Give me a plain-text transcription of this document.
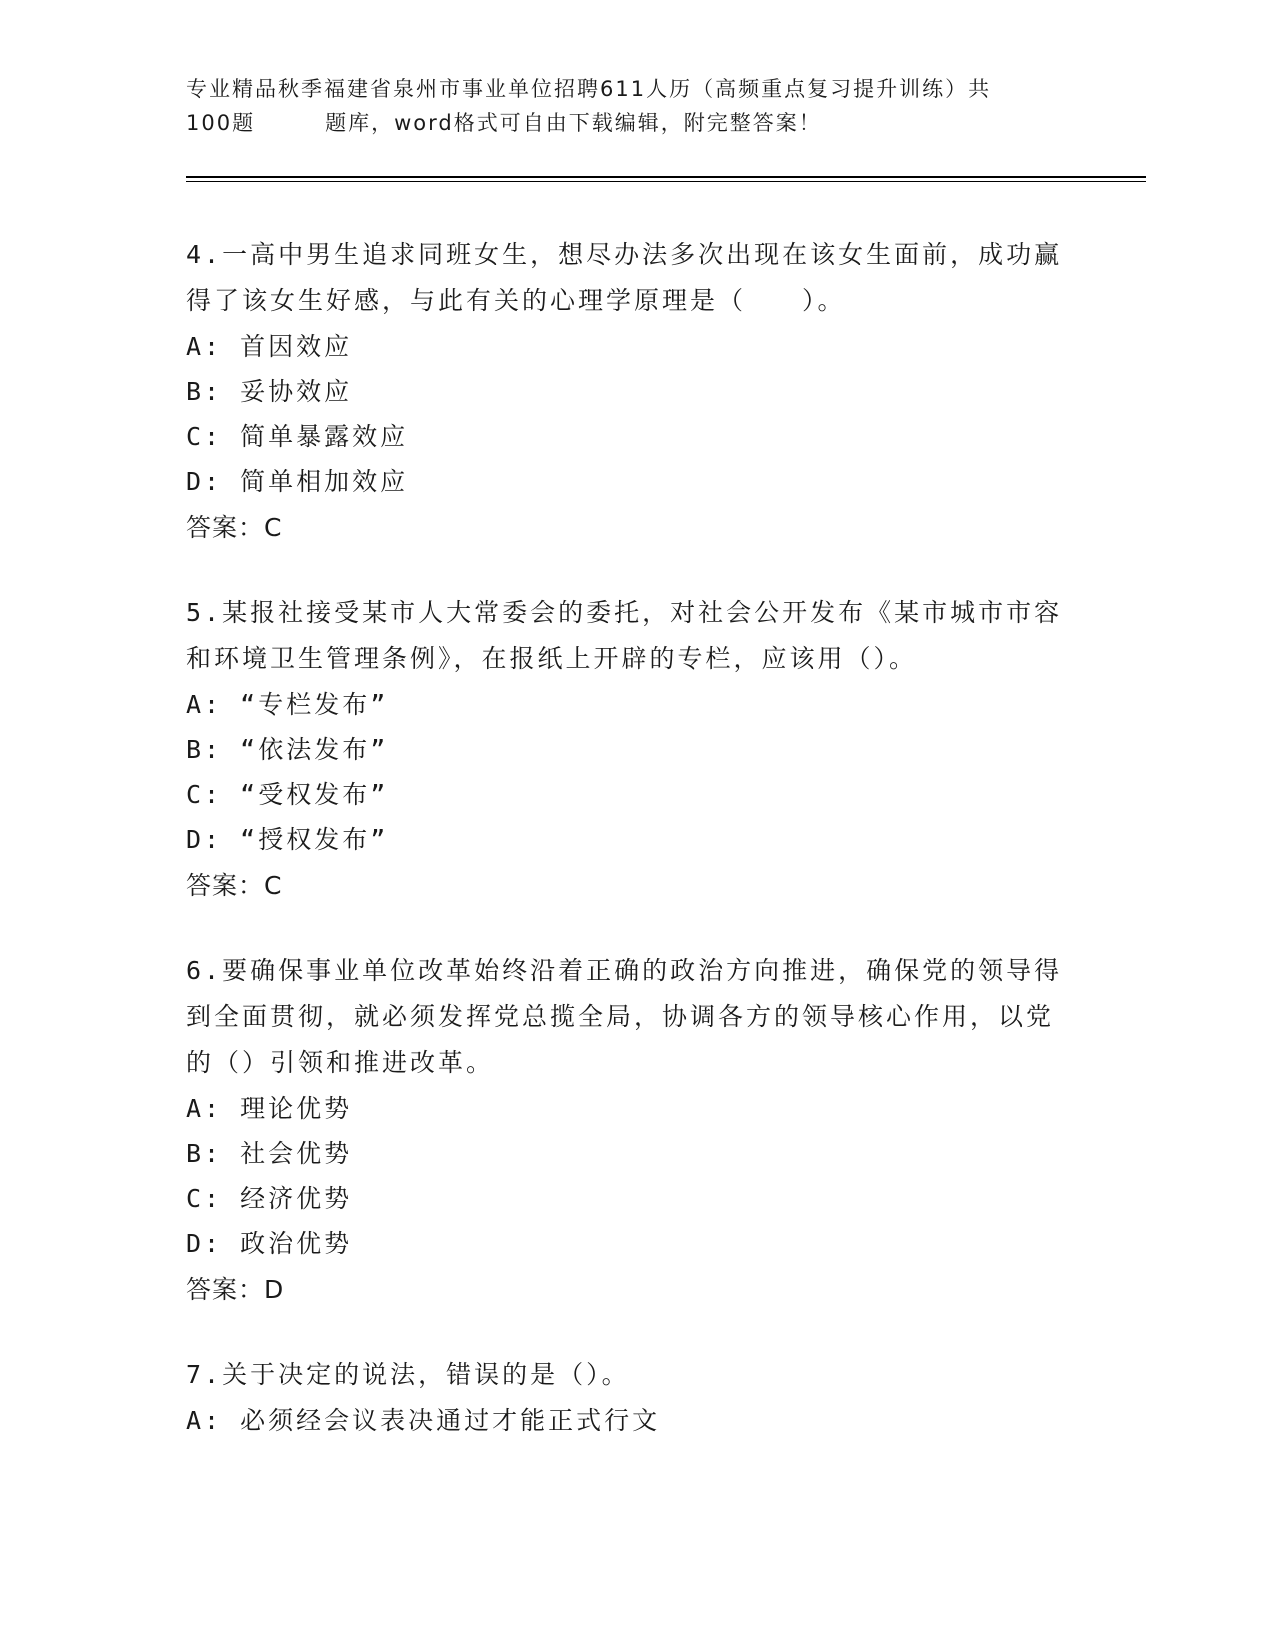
专业精品秋季福建省泉州市事业单位招聘611人历（高频重点复习提升训练）共
100题	题库，word格式可自由下载编辑，附完整答案！
4.一高中男生追求同班女生，想尽办法多次出现在该女生面前，成功赢得了该女生好感，与此有关的心理学原理是（　　）。
A: 首因效应
B: 妥协效应
C: 简单暴露效应
D: 简单相加效应
答案：C
5.某报社接受某市人大常委会的委托，对社会公开发布《某市城市市容和环境卫生管理条例》，在报纸上开辟的专栏，应该用（）。
A: “专栏发布”
B: “依法发布”
C: “受权发布”
D: “授权发布”
答案：C
6.要确保事业单位改革始终沿着正确的政治方向推进，确保党的领导得到全面贯彻，就必须发挥党总揽全局，协调各方的领导核心作用，以党的（）引领和推进改革。
A: 理论优势
B: 社会优势
C: 经济优势
D: 政治优势
答案：D
7.关于决定的说法，错误的是（）。
A: 必须经会议表决通过才能正式行文
